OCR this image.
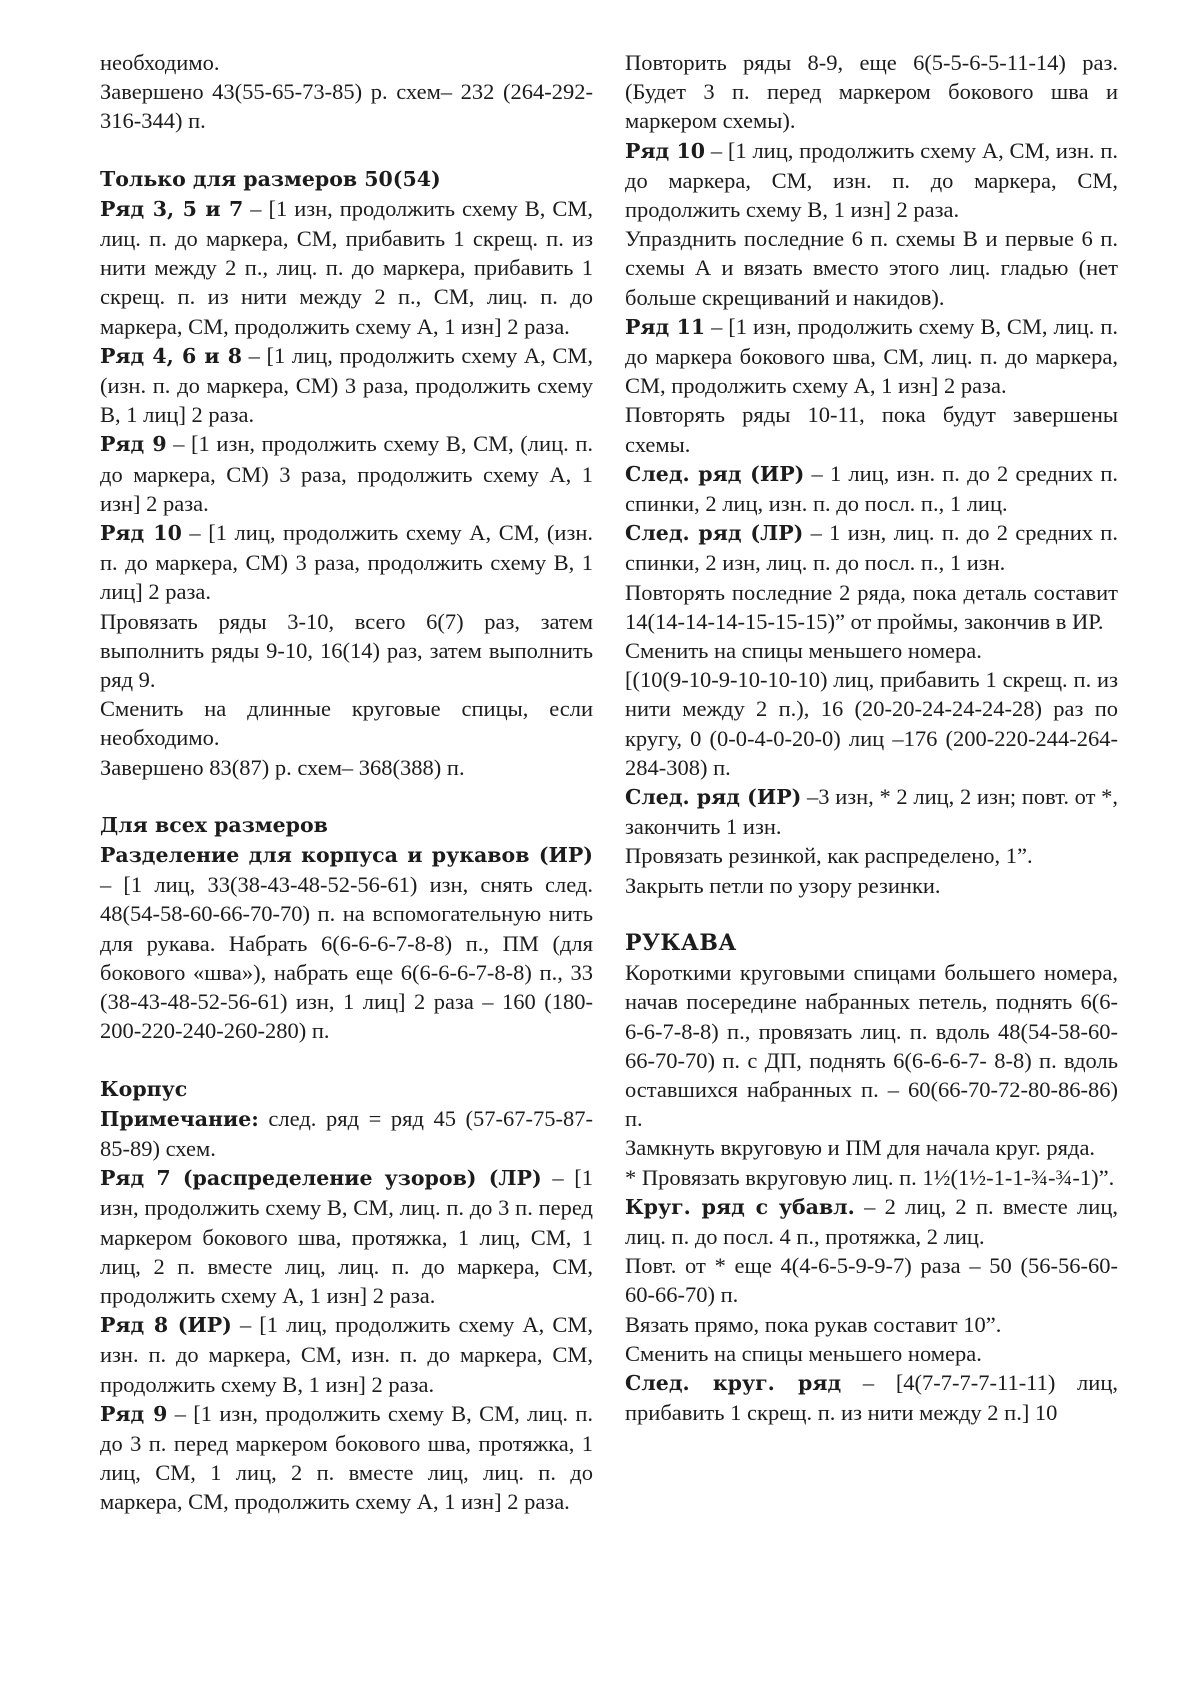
необходимо.

Завершено 43(55-65-73-85) р. схем– 232 (264-292-316-344) п.

Только для размеров 50(54)

Ряд 3, 5 и 7 – [1 изн, продолжить схему В, СМ, лиц. п. до маркера, СМ, прибавить 1 скрещ. п. из нити между 2 п., лиц. п. до маркера, прибавить 1 скрещ. п. из нити между 2 п., СМ, лиц. п. до маркера, СМ, продолжить схему А, 1 изн] 2 раза.

Ряд 4, 6 и 8 – [1 лиц, продолжить схему А, СМ, (изн. п. до маркера, СМ) 3 раза, продолжить схему В, 1 лиц] 2 раза.

Ряд 9 – [1 изн, продолжить схему В, СМ, (лиц. п. до маркера, СМ) 3 раза, продолжить схему А, 1 изн] 2 раза.

Ряд 10 – [1 лиц, продолжить схему А, СМ, (изн. п. до маркера, СМ) 3 раза, продолжить схему В, 1 лиц] 2 раза.

Провязать ряды 3-10, всего 6(7) раз, затем выполнить ряды 9-10, 16(14) раз, затем выполнить ряд 9.

Сменить на длинные круговые спицы, если необходимо.

Завершено 83(87) р. схем– 368(388) п.

Для всех размеров

Разделение для корпуса и рукавов (ИР) – [1 лиц, 33(38-43-48-52-56-61) изн, снять след. 48(54-58-60-66-70-70) п. на вспомогательную нить для рукава. Набрать 6(6-6-6-7-8-8) п., ПМ (для бокового «шва»), набрать еще 6(6-6-6-7-8-8) п., 33 (38-43-48-52-56-61) изн, 1 лиц] 2 раза – 160 (180-200-220-240-260-280) п.

Корпус

Примечание: след. ряд = ряд 45 (57-67-75-87-85-89) схем.

Ряд 7 (распределение узоров) (ЛР) – [1 изн, продолжить схему В, СМ, лиц. п. до 3 п. перед маркером бокового шва, протяжка, 1 лиц, СМ, 1 лиц, 2 п. вместе лиц, лиц. п. до маркера, СМ, продолжить схему А, 1 изн] 2 раза.

Ряд 8 (ИР) – [1 лиц, продолжить схему А, СМ, изн. п. до маркера, СМ, изн. п. до маркера, СМ, продолжить схему В, 1 изн] 2 раза.

Ряд 9 – [1 изн, продолжить схему В, СМ, лиц. п. до 3 п. перед маркером бокового шва, протяжка, 1 лиц, СМ, 1 лиц, 2 п. вместе лиц, лиц. п. до маркера, СМ, продолжить схему А, 1 изн] 2 раза.

Повторить ряды 8-9, еще 6(5-5-6-5-11-14) раз. (Будет 3 п. перед маркером бокового шва и маркером схемы).

Ряд 10 – [1 лиц, продолжить схему А, СМ, изн. п. до маркера, СМ, изн. п. до маркера, СМ, продолжить схему В, 1 изн] 2 раза.

Упразднить последние 6 п. схемы В и первые 6 п. схемы А и вязать вместо этого лиц. гладью (нет больше скрещиваний и накидов).

Ряд 11 – [1 изн, продолжить схему В, СМ, лиц. п. до маркера бокового шва, СМ, лиц. п. до маркера, СМ, продолжить схему А, 1 изн] 2 раза.

Повторять ряды 10-11, пока будут завершены схемы.

След. ряд (ИР) – 1 лиц, изн. п. до 2 средних п. спинки, 2 лиц, изн. п. до посл. п., 1 лиц.

След. ряд (ЛР) – 1 изн, лиц. п. до 2 средних п. спинки, 2 изн, лиц. п. до посл. п., 1 изн.

Повторять последние 2 ряда, пока деталь составит 14(14-14-14-15-15-15)” от проймы, закончив в ИР.

Сменить на спицы меньшего номера.

[(10(9-10-9-10-10-10) лиц, прибавить 1 скрещ. п. из нити между 2 п.), 16 (20-20-24-24-24-28) раз по кругу, 0 (0-0-4-0-20-0) лиц –176 (200-220-244-264-284-308) п.

След. ряд (ИР) –3 изн, * 2 лиц, 2 изн; повт. от *, закончить 1 изн.

Провязать резинкой, как распределено, 1”.

Закрыть петли по узору резинки.

РУКАВА

Короткими круговыми спицами большего номера, начав посередине набранных петель, поднять 6(6-6-6-7-8-8) п., провязать лиц. п. вдоль 48(54-58-60-66-70-70) п. с ДП, поднять 6(6-6-6-7- 8-8) п. вдоль оставшихся набранных п. – 60(66-70-72-80-86-86) п.

Замкнуть вкруговую и ПМ для начала круг. ряда.

* Провязать вкруговую лиц. п. 1½(1½-1-1-¾-¾-1)”.

Круг. ряд с убавл. – 2 лиц, 2 п. вместе лиц, лиц. п. до посл. 4 п., протяжка, 2 лиц.

Повт. от * еще 4(4-6-5-9-9-7) раза – 50 (56-56-60-60-66-70) п.

Вязать прямо, пока рукав составит 10”.

Сменить на спицы меньшего номера.

След. круг. ряд – [4(7-7-7-7-11-11) лиц, прибавить 1 скрещ. п. из нити между 2 п.] 10
